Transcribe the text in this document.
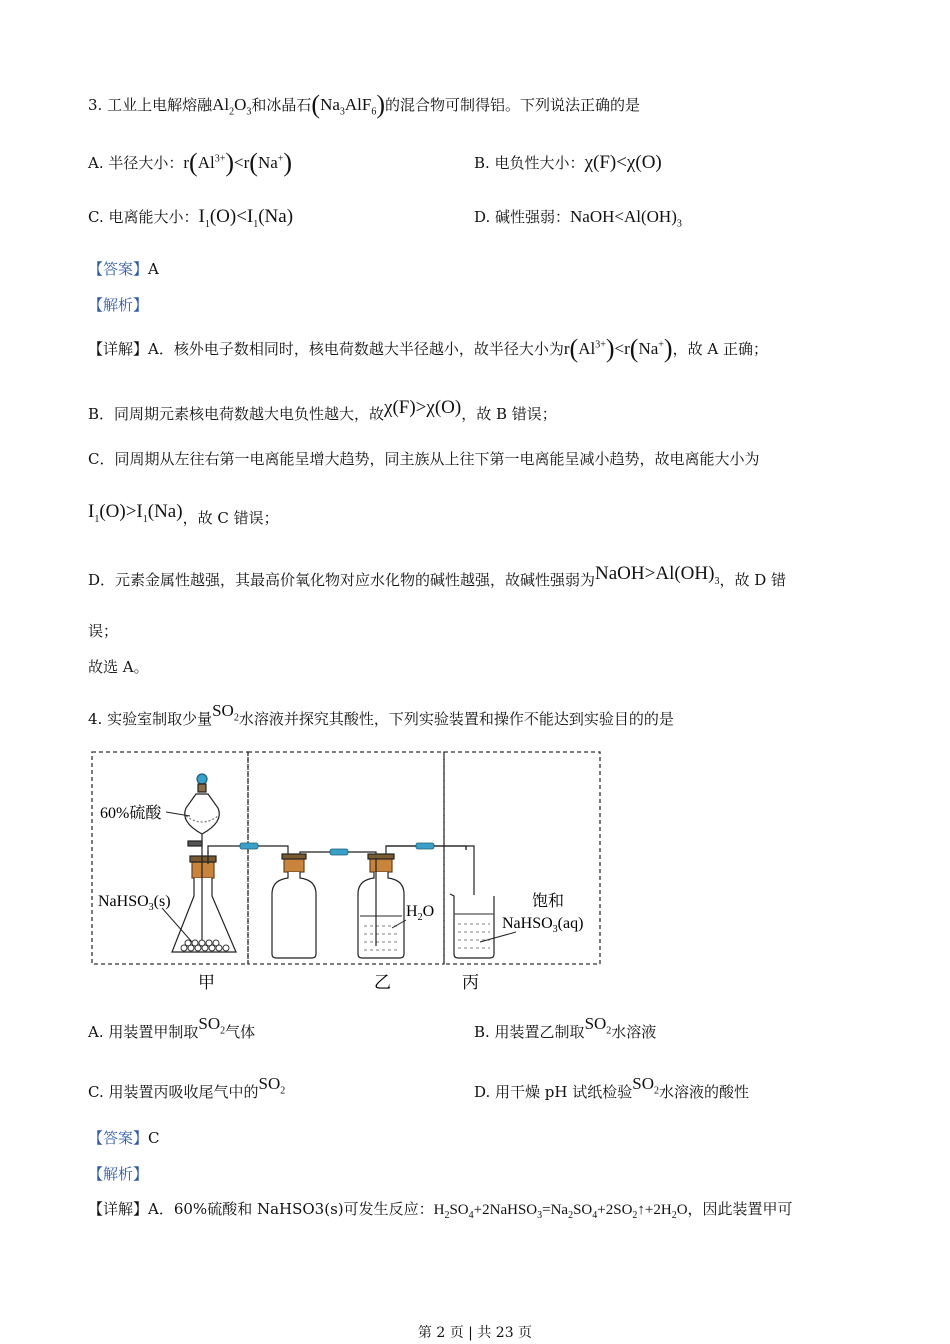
3. 工业上电解熔融$Al_2O_3$和冰晶石$(Na_3AlF_6)$的混合物可制得铝。下列说法正确的是
A. 半径大小：$r(Al^{3+})<r(Na^+)$	B. 电负性大小：χ(F)<χ(O)
C. 电离能大小：$I_1(O)<I_1(Na)$	D. 碱性强弱：$NaOH<Al(OH)_3$
【答案】A
【解析】
【详解】A．核外电子数相同时，核电荷数越大半径越小，故半径大小为$r(Al^{3+})<r(Na^+)$，故 A 正确；
B．同周期元素核电荷数越大电负性越大，故χ(F)>χ(O)，故 B 错误；
C．同周期从左往右第一电离能呈增大趋势，同主族从上往下第一电离能呈减小趋势，故电离能大小为
$I_1(O)>I_1(Na)$，故 C 错误；
D．元素金属性越强，其最高价氧化物对应水化物的碱性越强，故碱性强弱为$NaOH>Al(OH)_3$，故 D 错
误；
故选 A。
4. 实验室制取少量$SO_2$水溶液并探究其酸性，下列实验装置和操作不能达到实验目的的是
60%硫酸
NaHSO$_3$(s)
$H_2O$
饱和
NaHSO$_3$(aq)
甲	乙	丙
A. 用装置甲制取$SO_2$气体	B. 用装置乙制取$SO_2$水溶液
C. 用装置丙吸收尾气中的$SO_2$	D. 用干燥 pH 试纸检验$SO_2$水溶液的酸性
【答案】C
【解析】
【详解】A．60%硫酸和 NaHSO3(s)可发生反应：$H_2SO_4+2NaHSO_3=Na_2SO_4+2SO_2↑+2H_2O$，因此装置甲可
第 2 页 | 共 23 页
